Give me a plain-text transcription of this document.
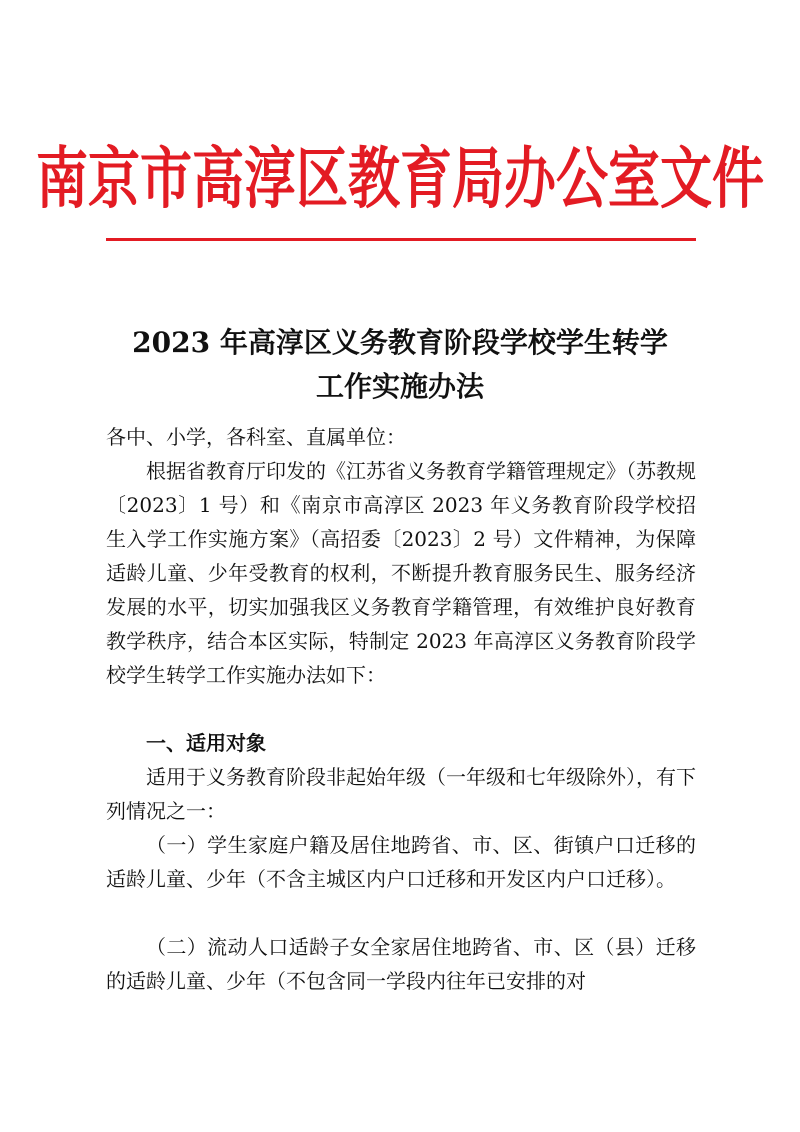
南京市高淳区教育局办公室文件
2023 年高淳区义务教育阶段学校学生转学
工作实施办法
各中、小学，各科室、直属单位：

根据省教育厅印发的《江苏省义务教育学籍管理规定》（苏教规〔2023〕1 号）和《南京市高淳区 2023 年义务教育阶段学校招生入学工作实施方案》（高招委〔2023〕2 号）文件精神，为保障适龄儿童、少年受教育的权利，不断提升教育服务民生、服务经济发展的水平，切实加强我区义务教育学籍管理，有效维护良好教育教学秩序，结合本区实际，特制定 2023 年高淳区义务教育阶段学校学生转学工作实施办法如下：

一、适用对象

适用于义务教育阶段非起始年级（一年级和七年级除外），有下列情况之一：

（一）学生家庭户籍及居住地跨省、市、区、街镇户口迁移的适龄儿童、少年（不含主城区内户口迁移和开发区内户口迁移）。

（二）流动人口适龄子女全家居住地跨省、市、区（县）迁移的适龄儿童、少年（不包含同一学段内往年已安排的对
